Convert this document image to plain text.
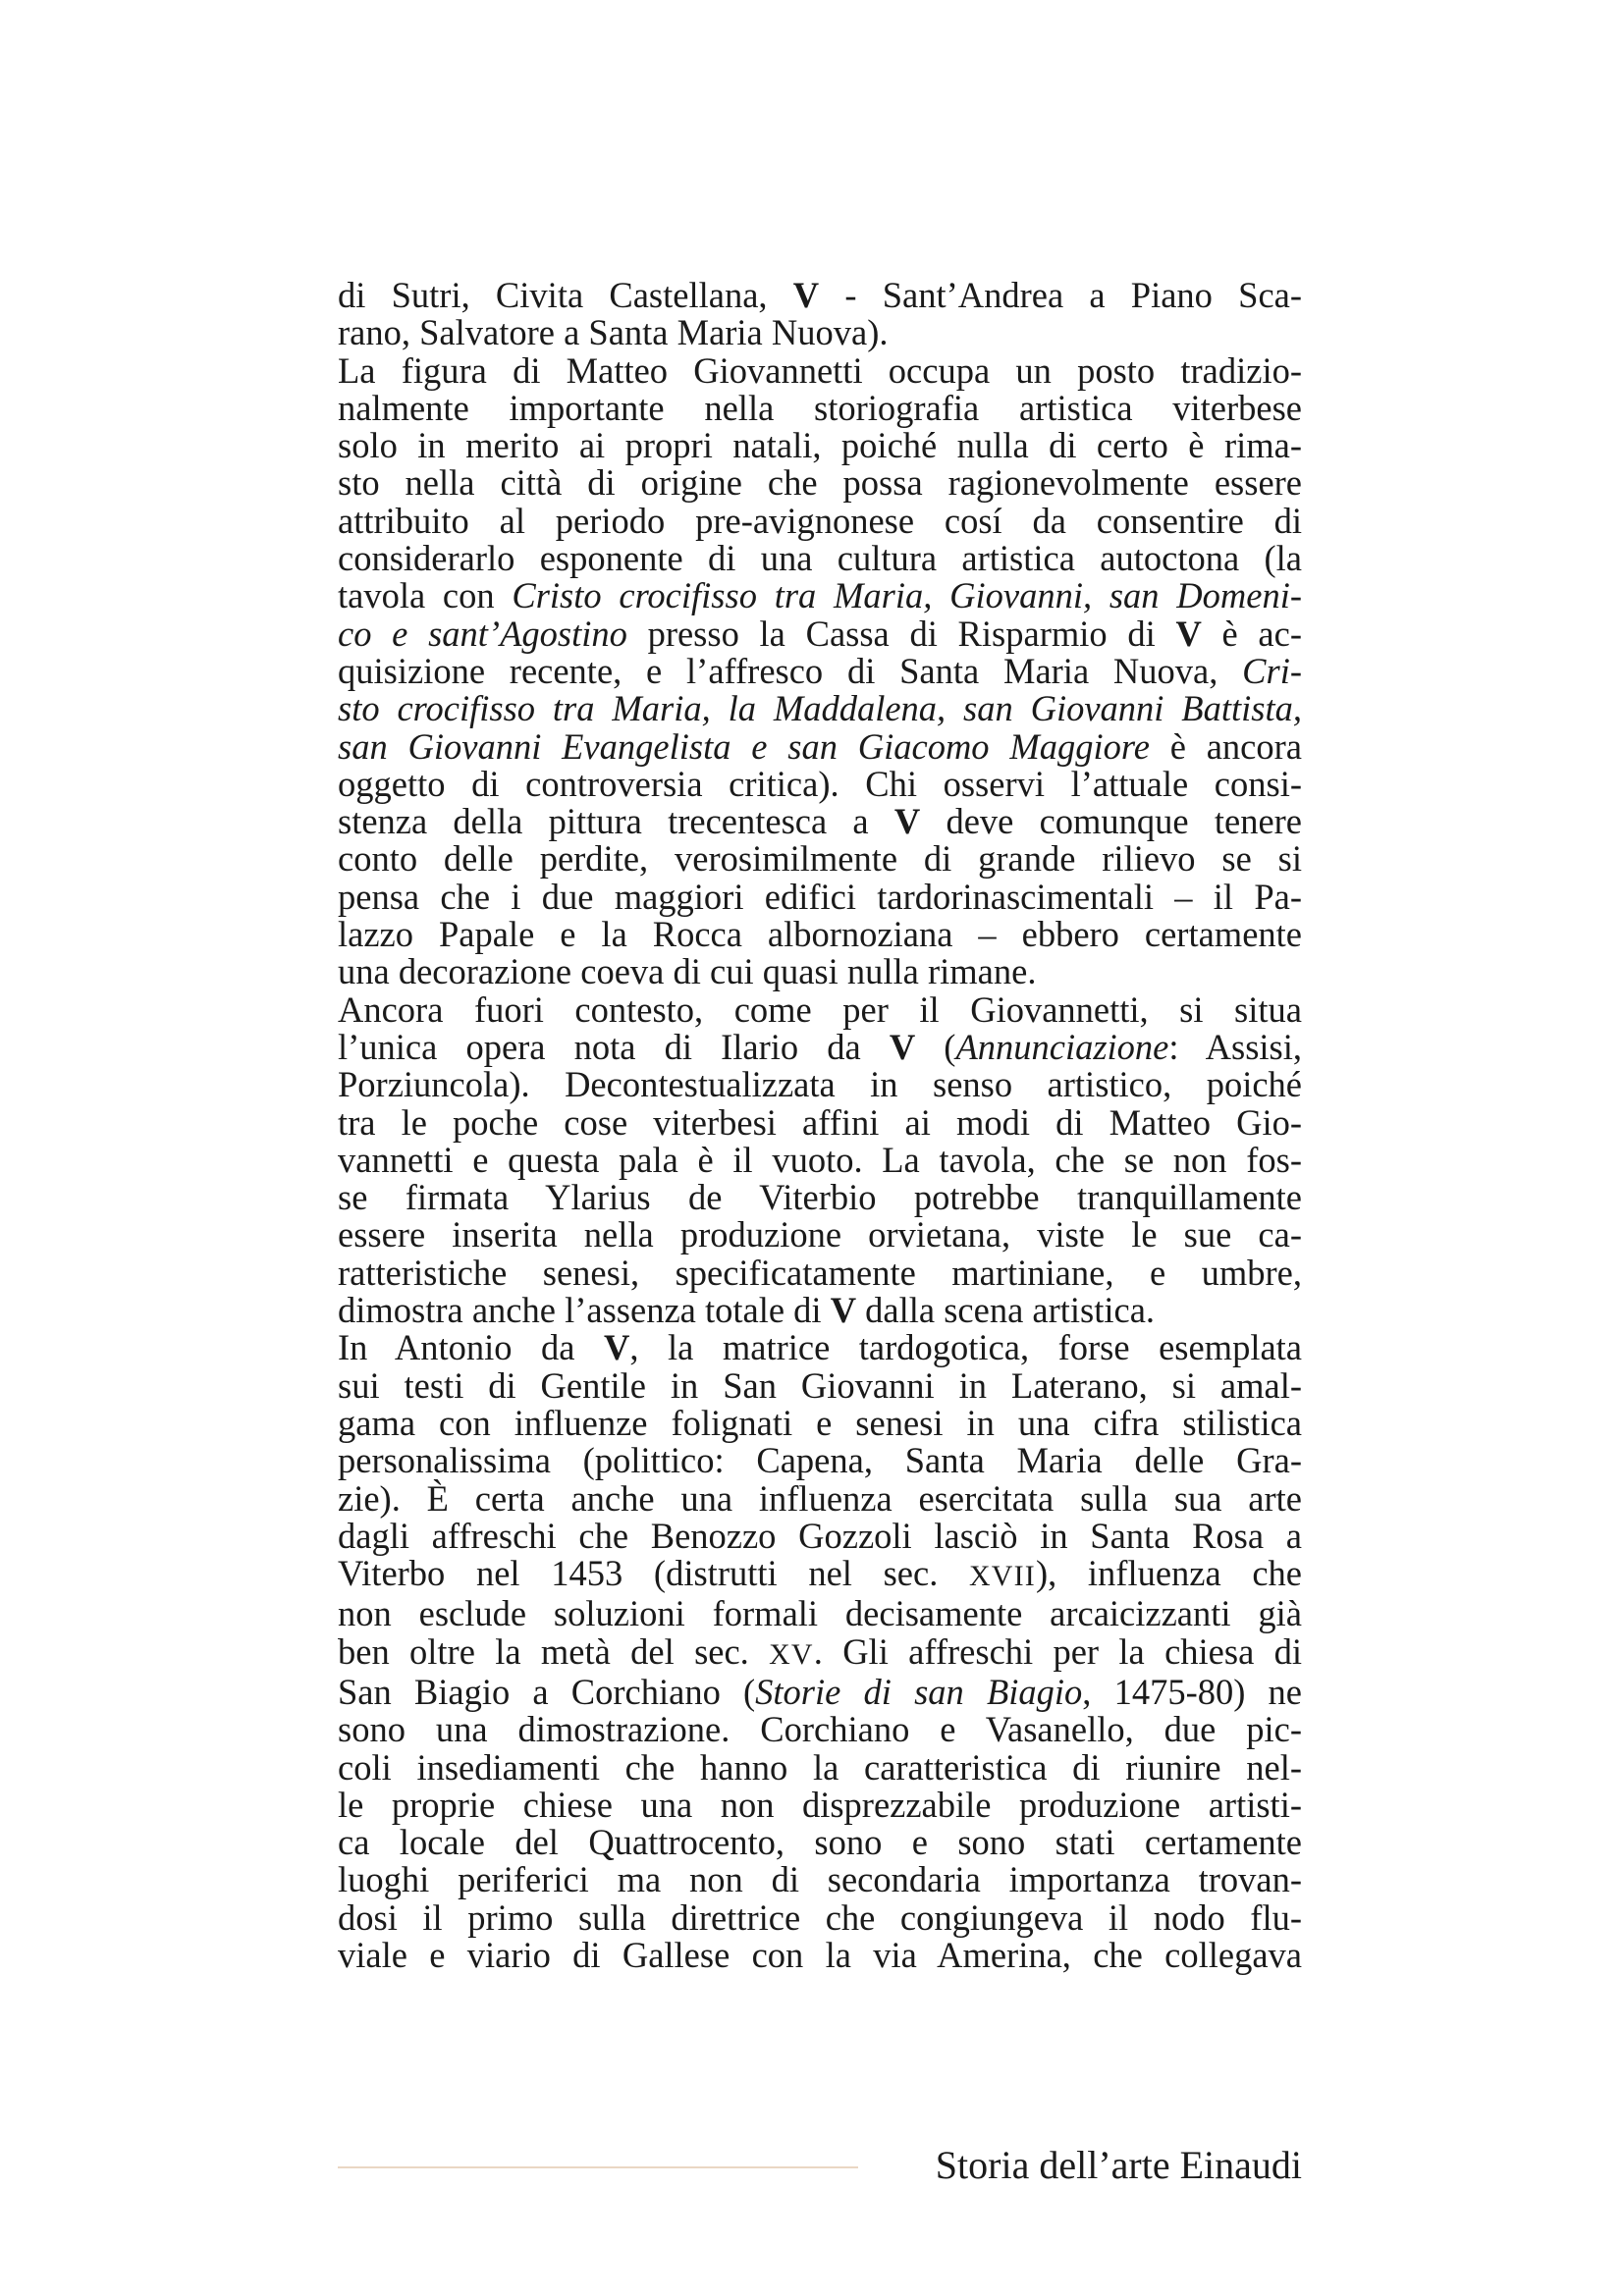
di Sutri, Civita Castellana, V - Sant’Andrea a Piano Sca-
rano, Salvatore a Santa Maria Nuova).
La figura di Matteo Giovannetti occupa un posto tradizio-
nalmente importante nella storiografia artistica viterbese
solo in merito ai propri natali, poiché nulla di certo è rima-
sto nella città di origine che possa ragionevolmente essere
attribuito al periodo pre-avignonese cosí da consentire di
considerarlo esponente di una cultura artistica autoctona (la
tavola con Cristo crocifisso tra Maria, Giovanni, san Domeni-
co e sant’Agostino presso la Cassa di Risparmio di V è ac-
quisizione recente, e l’affresco di Santa Maria Nuova, Cri-
sto crocifisso tra Maria, la Maddalena, san Giovanni Battista,
san Giovanni Evangelista e san Giacomo Maggiore è ancora
oggetto di controversia critica). Chi osservi l’attuale consi-
stenza della pittura trecentesca a V deve comunque tenere
conto delle perdite, verosimilmente di grande rilievo se si
pensa che i due maggiori edifici tardorinascimentali – il Pa-
lazzo Papale e la Rocca albornoziana – ebbero certamente
una decorazione coeva di cui quasi nulla rimane.
Ancora fuori contesto, come per il Giovannetti, si situa
l’unica opera nota di Ilario da V (Annunciazione: Assisi,
Porziuncola). Decontestualizzata in senso artistico, poiché
tra le poche cose viterbesi affini ai modi di Matteo Gio-
vannetti e questa pala è il vuoto. La tavola, che se non fos-
se firmata Ylarius de Viterbio potrebbe tranquillamente
essere inserita nella produzione orvietana, viste le sue ca-
ratteristiche senesi, specificatamente martiniane, e umbre,
dimostra anche l’assenza totale di V dalla scena artistica.
In Antonio da V, la matrice tardogotica, forse esemplata
sui testi di Gentile in San Giovanni in Laterano, si amal-
gama con influenze folignati e senesi in una cifra stilistica
personalissima (polittico: Capena, Santa Maria delle Gra-
zie). È certa anche una influenza esercitata sulla sua arte
dagli affreschi che Benozzo Gozzoli lasciò in Santa Rosa a
Viterbo nel 1453 (distrutti nel sec. XVII), influenza che
non esclude soluzioni formali decisamente arcaicizzanti già
ben oltre la metà del sec. XV. Gli affreschi per la chiesa di
San Biagio a Corchiano (Storie di san Biagio, 1475-80) ne
sono una dimostrazione. Corchiano e Vasanello, due pic-
coli insediamenti che hanno la caratteristica di riunire nel-
le proprie chiese una non disprezzabile produzione artisti-
ca locale del Quattrocento, sono e sono stati certamente
luoghi periferici ma non di secondaria importanza trovan-
dosi il primo sulla direttrice che congiungeva il nodo flu-
viale e viario di Gallese con la via Amerina, che collegava
Storia dell’arte Einaudi
